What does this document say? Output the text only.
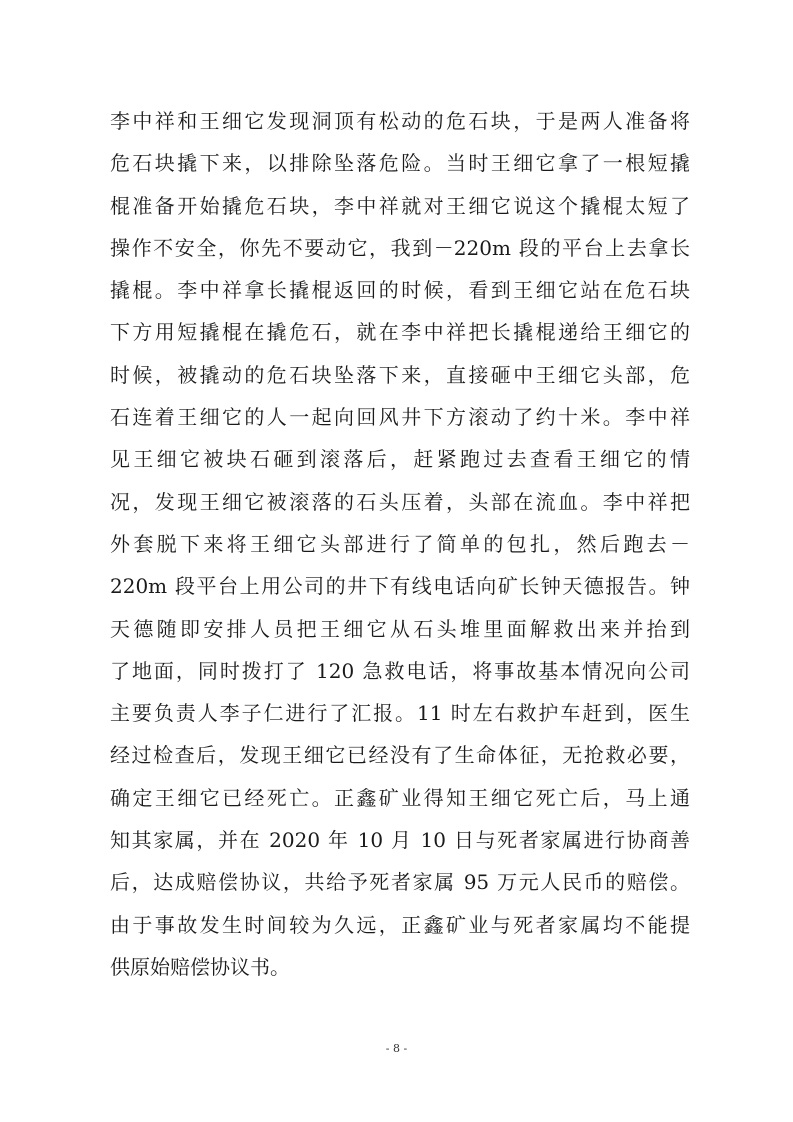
李中祥和王细它发现洞顶有松动的危石块，于是两人准备将
危石块撬下来，以排除坠落危险。当时王细它拿了一根短撬
棍准备开始撬危石块，李中祥就对王细它说这个撬棍太短了
操作不安全，你先不要动它，我到－220m 段的平台上去拿长
撬棍。李中祥拿长撬棍返回的时候，看到王细它站在危石块
下方用短撬棍在撬危石，就在李中祥把长撬棍递给王细它的
时候，被撬动的危石块坠落下来，直接砸中王细它头部，危
石连着王细它的人一起向回风井下方滚动了约十米。李中祥
见王细它被块石砸到滚落后，赶紧跑过去查看王细它的情
况，发现王细它被滚落的石头压着，头部在流血。李中祥把
外套脱下来将王细它头部进行了简单的包扎，然后跑去－
220m 段平台上用公司的井下有线电话向矿长钟天德报告。钟
天德随即安排人员把王细它从石头堆里面解救出来并抬到
了地面，同时拨打了 120 急救电话，将事故基本情况向公司
主要负责人李子仁进行了汇报。11 时左右救护车赶到，医生
经过检查后，发现王细它已经没有了生命体征，无抢救必要，
确定王细它已经死亡。正鑫矿业得知王细它死亡后，马上通
知其家属，并在 2020 年 10 月 10 日与死者家属进行协商善
后，达成赔偿协议，共给予死者家属 95 万元人民币的赔偿。
由于事故发生时间较为久远，正鑫矿业与死者家属均不能提
供原始赔偿协议书。
- 8 -
